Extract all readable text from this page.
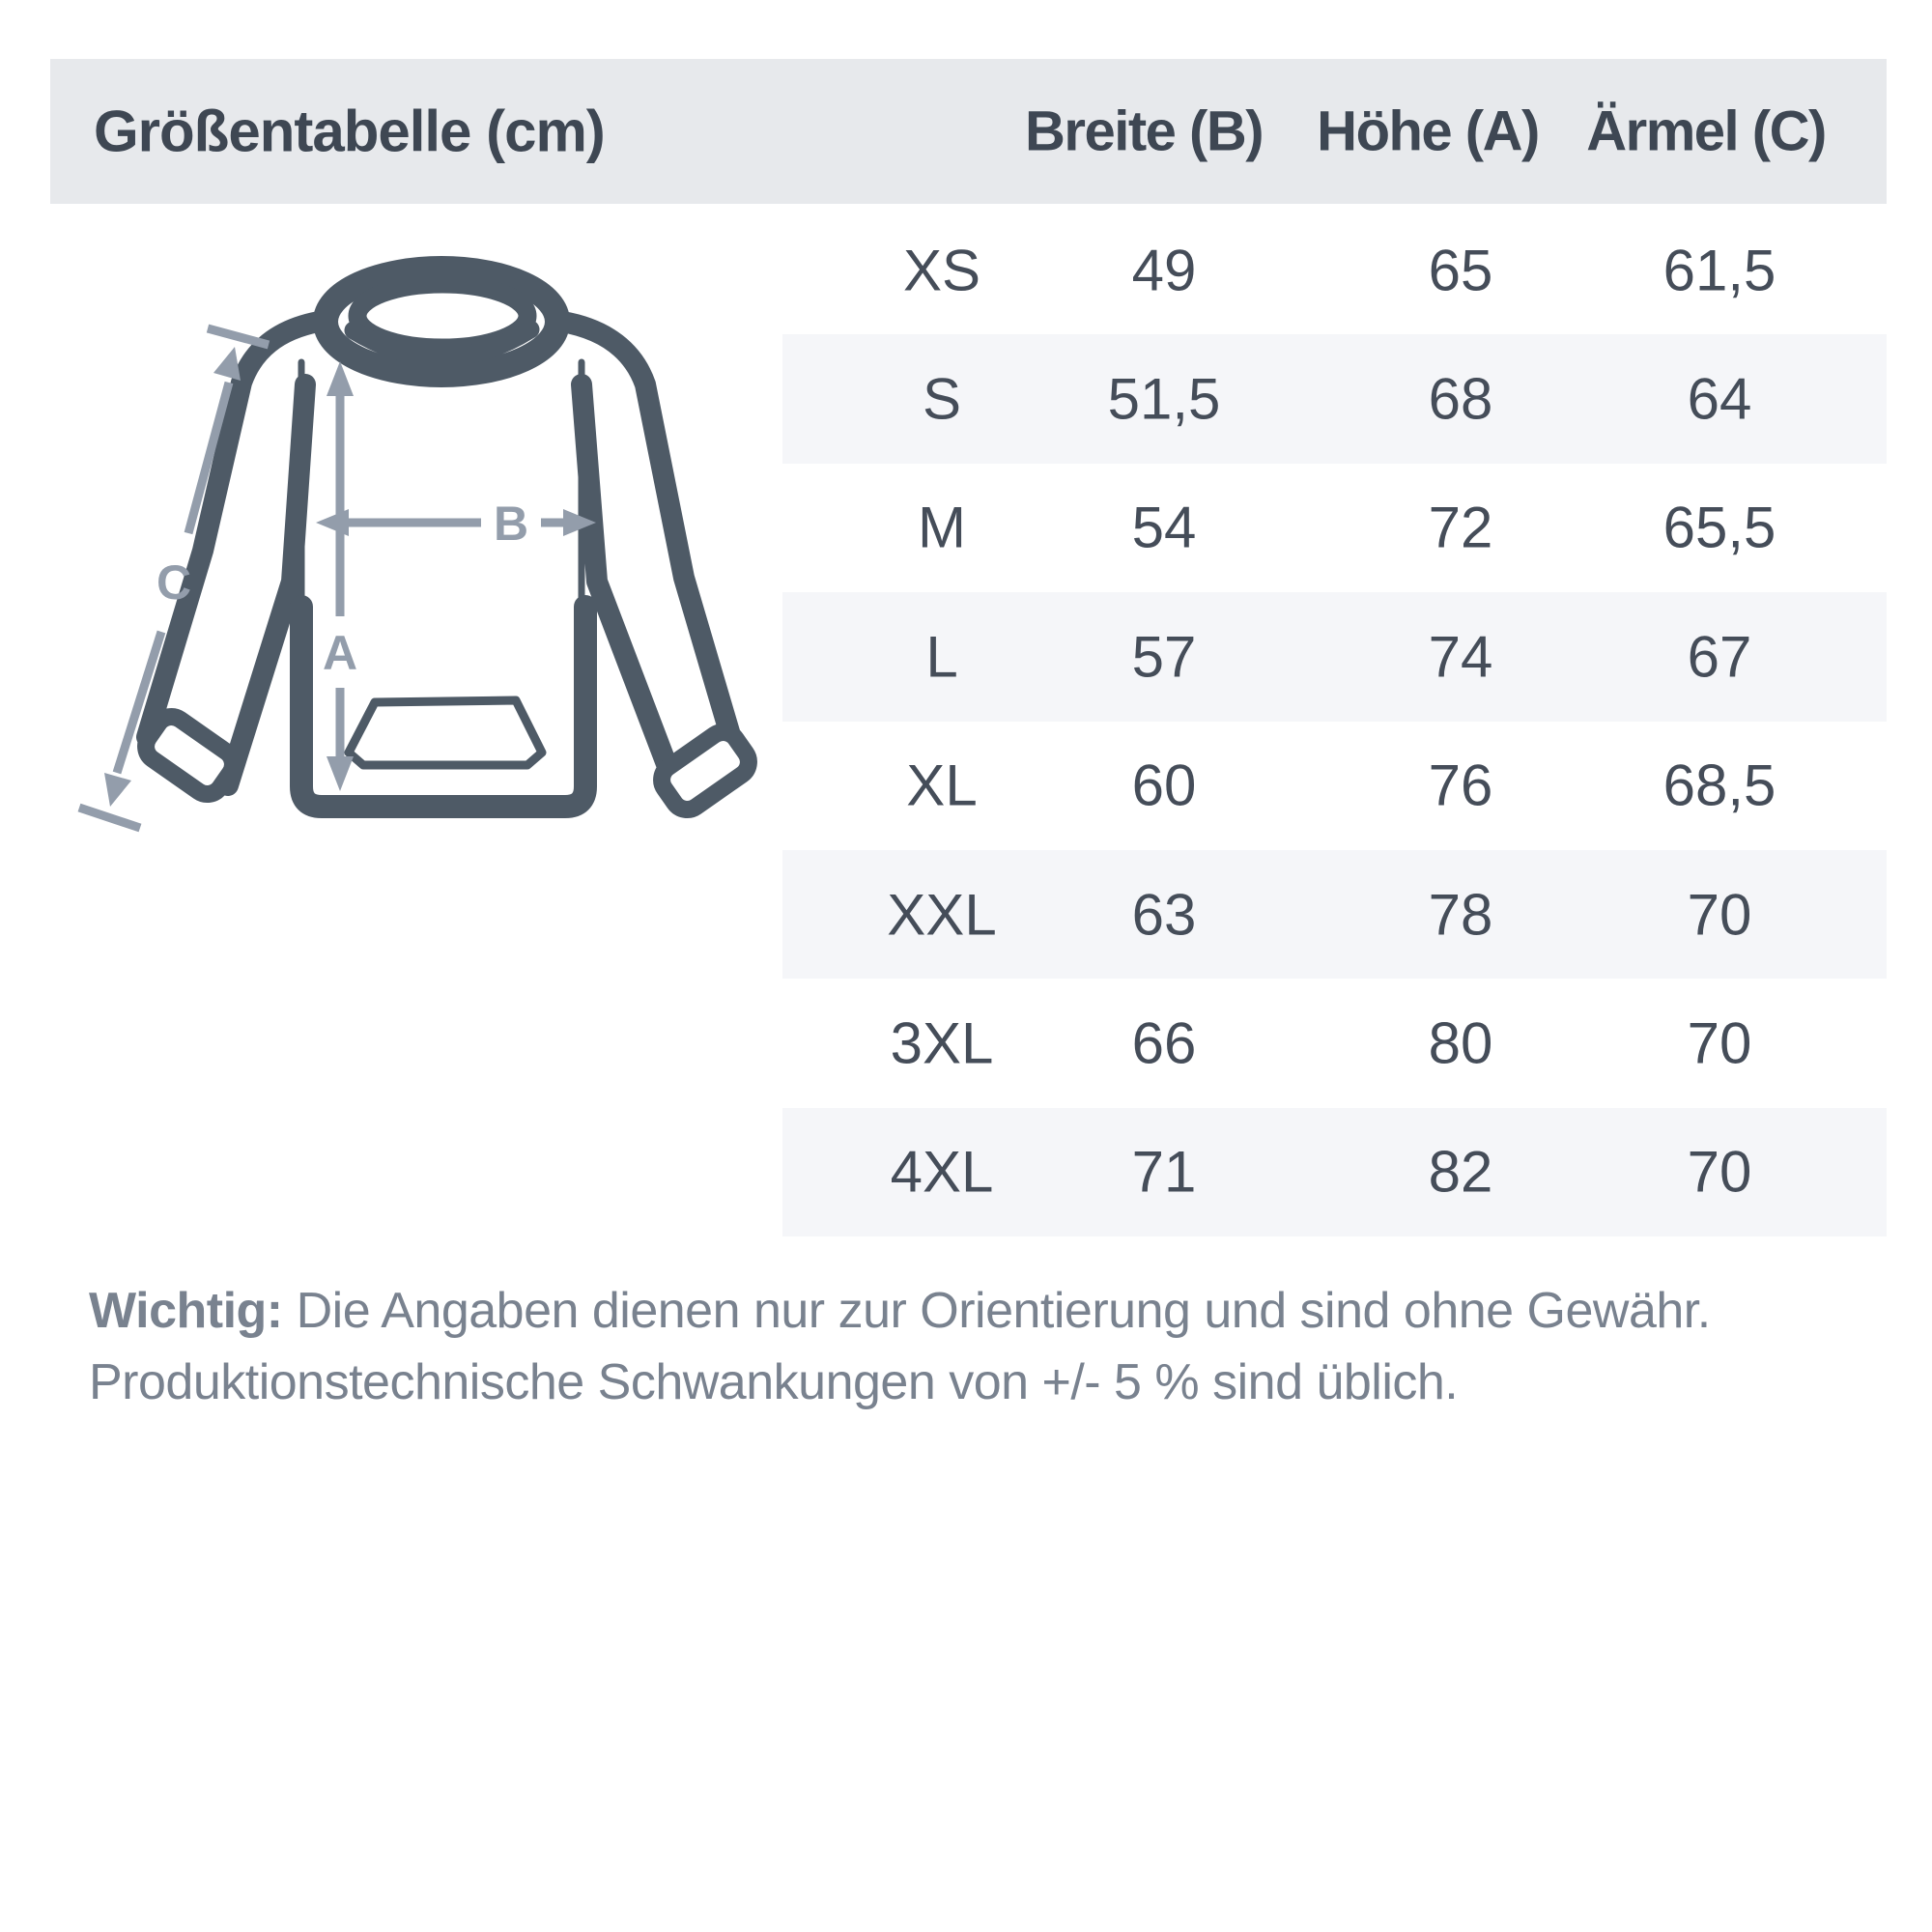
Größentabelle (cm)	Breite (B) Höhe (A) Ärmel (C)
XS	49	65	61,5
S	51,5	68	64
M	54	72	65,5
L	57	74	67
XL	60	76	68,5
XXL 63	78	70
3XL 66	80	70
4XL 71	82	70
A
B
C
Wichtig: Die Angaben dienen nur zur Orientierung und sind ohne Gewähr.
Produktionstechnische Schwankungen von +/- 5 % sind üblich.
